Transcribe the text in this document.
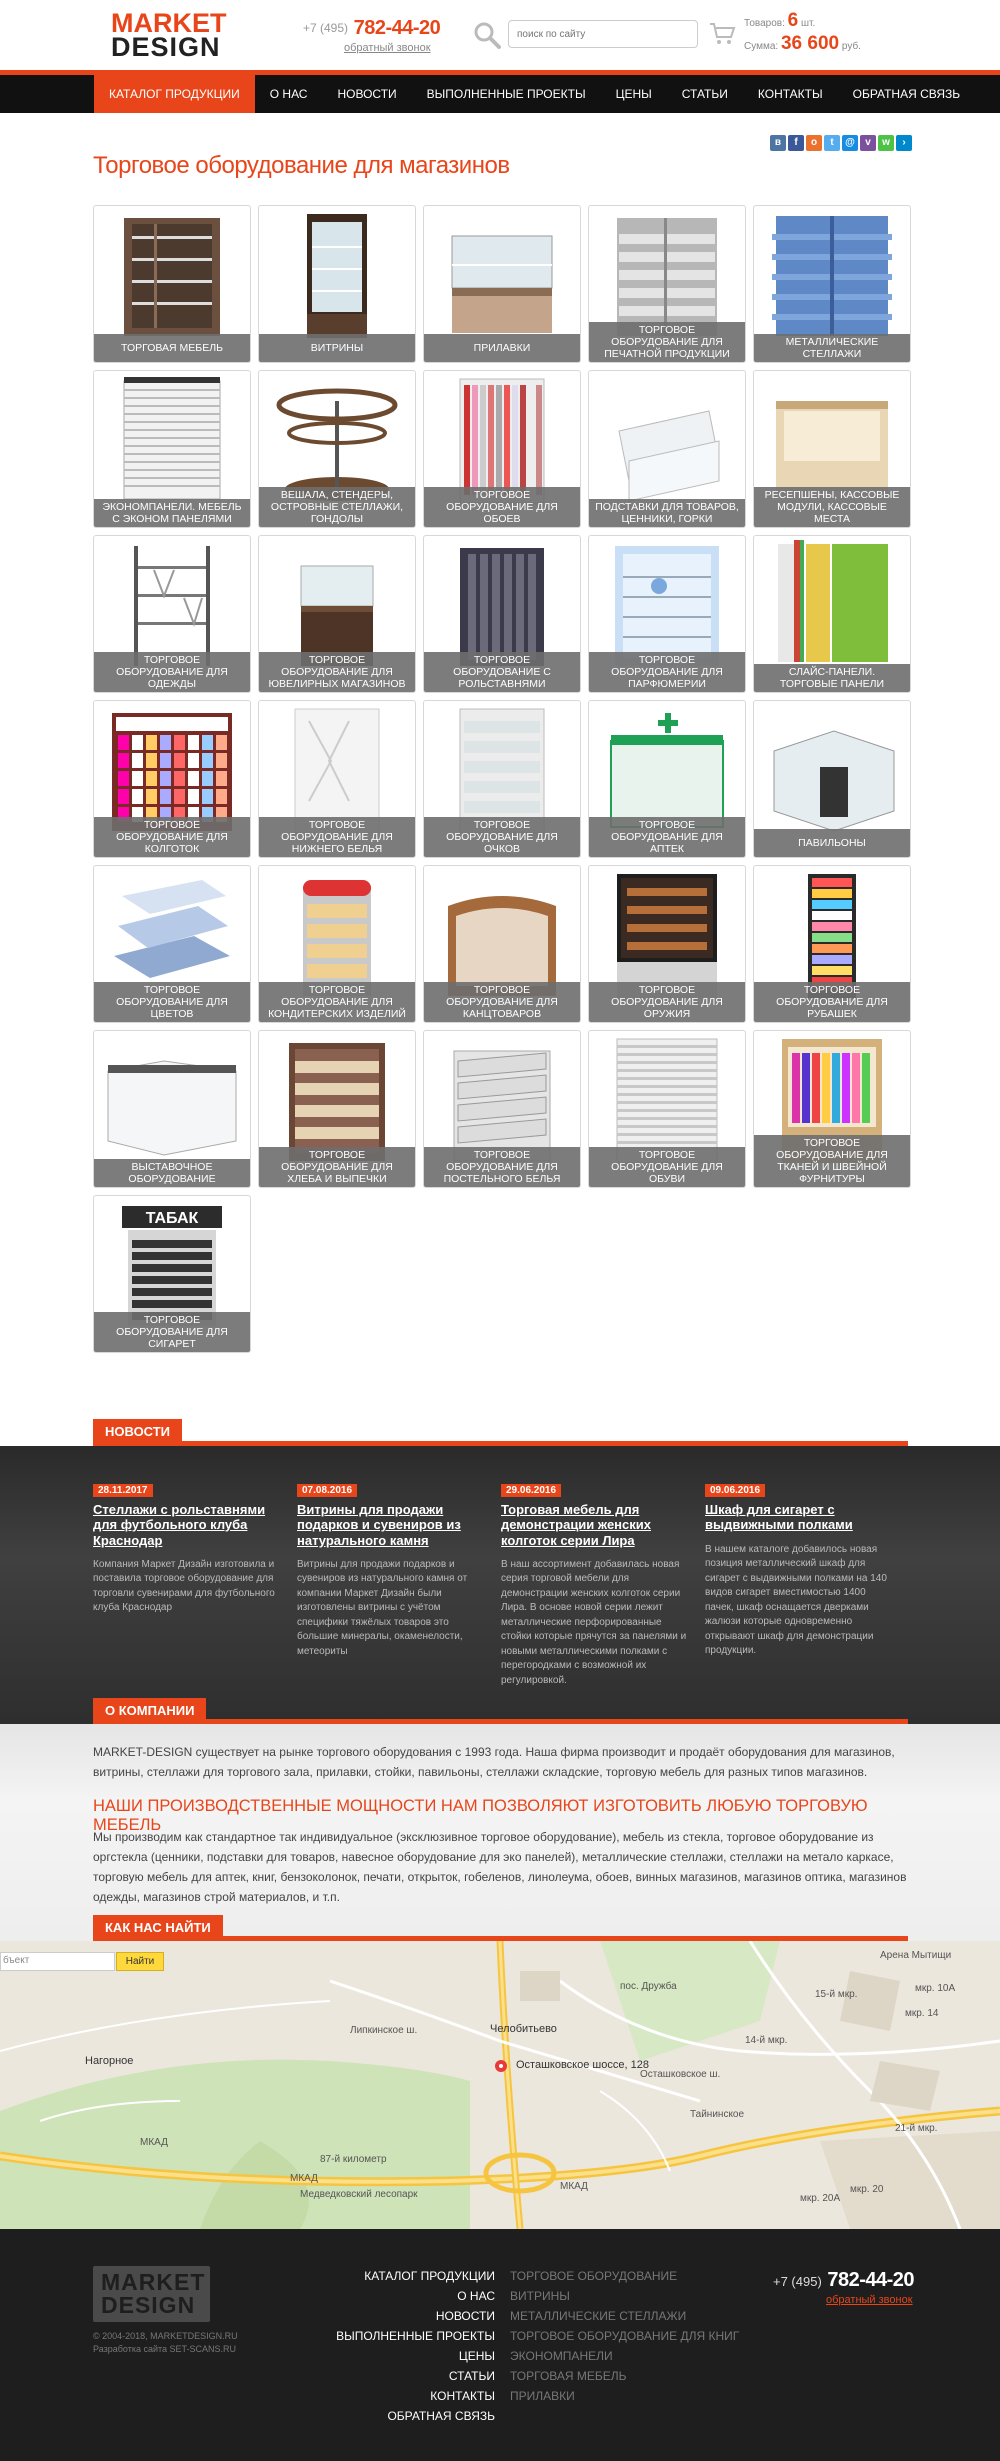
MARKET
DESIGN
+7 (495) 782-44-20
обратный звонок
поиск по сайту
Товаров: 6 шт.
Сумма: 36 600 руб.
КАТАЛОГ ПРОДУКЦИИ	О НАС	НОВОСТИ	ВЫПОЛНЕННЫЕ ПРОЕКТЫ	ЦЕНЫ	СТАТЬИ	КОНТАКТЫ	ОБРАТНАЯ СВЯЗЬ
в	f	о	t	@	v	w	›
Торговое оборудование для магазинов
ТОРГОВАЯ МЕБЕЛЬ	ВИТРИНЫ	ПРИЛАВКИ
ТОРГОВОЕ ОБОРУДОВАНИЕ ДЛЯ ПЕЧАТНОЙ ПРОДУКЦИИ
МЕТАЛЛИЧЕСКИЕ СТЕЛЛАЖИ
ЭКОНОМПАНЕЛИ. МЕБЕЛЬ С ЭКОНОМ ПАНЕЛЯМИ
ВЕШАЛА, СТЕНДЕРЫ, ОСТРОВНЫЕ СТЕЛЛАЖИ, ГОНДОЛЫ
ТОРГОВОЕ ОБОРУДОВАНИЕ ДЛЯ ОБОЕВ
ПОДСТАВКИ ДЛЯ ТОВАРОВ, ЦЕННИКИ, ГОРКИ
РЕСЕПШЕНЫ, КАССОВЫЕ МОДУЛИ, КАССОВЫЕ МЕСТА
ТОРГОВОЕ ОБОРУДОВАНИЕ ДЛЯ ОДЕЖДЫ
ТОРГОВОЕ ОБОРУДОВАНИЕ ДЛЯ ЮВЕЛИРНЫХ МАГАЗИНОВ
ТОРГОВОЕ ОБОРУДОВАНИЕ С РОЛЬСТАВНЯМИ
ТОРГОВОЕ ОБОРУДОВАНИЕ ДЛЯ ПАРФЮМЕРИИ
СЛАЙС-ПАНЕЛИ. ТОРГОВЫЕ ПАНЕЛИ
ТОРГОВОЕ ОБОРУДОВАНИЕ ДЛЯ КОЛГОТОК
ТОРГОВОЕ ОБОРУДОВАНИЕ ДЛЯ НИЖНЕГО БЕЛЬЯ
ТОРГОВОЕ ОБОРУДОВАНИЕ ДЛЯ ОЧКОВ
ТОРГОВОЕ ОБОРУДОВАНИЕ ДЛЯ АПТЕК	ПАВИЛЬОНЫ
ТОРГОВОЕ ОБОРУДОВАНИЕ ДЛЯ ЦВЕТОВ
ТОРГОВОЕ ОБОРУДОВАНИЕ ДЛЯ КОНДИТЕРСКИХ ИЗДЕЛИЙ
ТОРГОВОЕ ОБОРУДОВАНИЕ ДЛЯ КАНЦТОВАРОВ
ТОРГОВОЕ ОБОРУДОВАНИЕ ДЛЯ ОРУЖИЯ
ТОРГОВОЕ ОБОРУДОВАНИЕ ДЛЯ РУБАШЕК
ВЫСТАВОЧНОЕ ОБОРУДОВАНИЕ
ТОРГОВОЕ ОБОРУДОВАНИЕ ДЛЯ ХЛЕБА И ВЫПЕЧКИ
ТОРГОВОЕ ОБОРУДОВАНИЕ ДЛЯ ПОСТЕЛЬНОГО БЕЛЬЯ
ТОРГОВОЕ ОБОРУДОВАНИЕ ДЛЯ ОБУВИ
ТОРГОВОЕ ОБОРУДОВАНИЕ ДЛЯ ТКАНЕЙ И ШВЕЙНОЙ ФУРНИТУРЫ
ТАБАК
ТОРГОВОЕ ОБОРУДОВАНИЕ ДЛЯ СИГАРЕТ
НОВОСТИ
28.11.2017
Стеллажи с рольставнями для футбольного клуба Краснодар
Компания Маркет Дизайн изготовила и поставила торговое оборудование для торговли сувенирами для футбольного клуба Краснодар
07.08.2016
Витрины для продажи подарков и сувениров из натурального камня
Витрины для продажи подарков и сувениров из натурального камня от компании Маркет Дизайн были изготовлены витрины с учётом специфики тяжёлых товаров это большие минералы, окаменелости, метеориты
29.06.2016
Торговая мебель для демонстрации женских колготок серии Лира
В наш ассортимент добавилась новая серия торговой мебели для демонстрации женских колготок серии Лира. В основе новой серии лежит металлические перфорированные стойки которые прячутся за панелями и новыми металлическими полками с перегородками с возможной их регулировкой.
09.06.2016
Шкаф для сигарет с выдвижными полками
В нашем каталоге добавилось новая позиция металлический шкаф для сигарет с выдвижными полками на 140 видов сигарет вместимостью 1400 пачек, шкаф оснащается дверками жалюзи которые одновременно открывают шкаф для демонстрации продукции.
MARKET-DESIGN существует на рынке торгового оборудования с 1993 года. Наша фирма производит и продаёт оборудования для магазинов, витрины, стеллажи для торгового зала, прилавки, стойки, павильоны, стеллажи складские, торговую мебель для разных типов магазинов.
НАШИ ПРОИЗВОДСТВЕННЫЕ МОЩНОСТИ НАМ ПОЗВОЛЯЮТ ИЗГОТОВИТЬ ЛЮБУЮ ТОРГОВУЮ МЕБЕЛЬ
Мы производим как стандартное так индивидуальное (эксклюзивное торговое оборудование), мебель из стекла, торговое оборудование из оргстекла (ценники, подставки для товаров, навесное оборудование для эко панелей), металлические стеллажи, стеллажи на метало каркасе, торговую мебель для аптек, книг, бензоколонок, печати, открыток, гобеленов, линолеума, обоев, винных магазинов, магазинов оптика, магазинов одежды, магазинов строй материалов, и т.п.
О КОМПАНИИ
бъект	Найти
Нагорное
Челобитьево
Осташковское шоссе, 128
МКАД
МКАД
МКАД
87-й километр
Медведковский лесопарк
Арена Мытищи
мкр. 10А
мкр. 14
мкр. 20
мкр. 20А
15-й мкр.
14-й мкр.
21-й мкр.
пос. Дружба
Липкинское ш.
Осташковское ш.
Тайнинское
КАК НАС НАЙТИ
MARKET
DESIGN
© 2004-2018, MARKETDESIGN.RU
Разработка сайта SET-SCANS.RU
КАТАЛОГ ПРОДУКЦИИ
О НАС
НОВОСТИ
ВЫПОЛНЕННЫЕ ПРОЕКТЫ
ЦЕНЫ
СТАТЬИ
КОНТАКТЫ
ОБРАТНАЯ СВЯЗЬ
ТОРГОВОЕ ОБОРУДОВАНИЕ
ВИТРИНЫ
МЕТАЛЛИЧЕСКИЕ СТЕЛЛАЖИ
ТОРГОВОЕ ОБОРУДОВАНИЕ ДЛЯ КНИГ
ЭКОНОМПАНЕЛИ
ТОРГОВАЯ МЕБЕЛЬ
ПРИЛАВКИ
+7 (495) 782-44-20
обратный звонок
